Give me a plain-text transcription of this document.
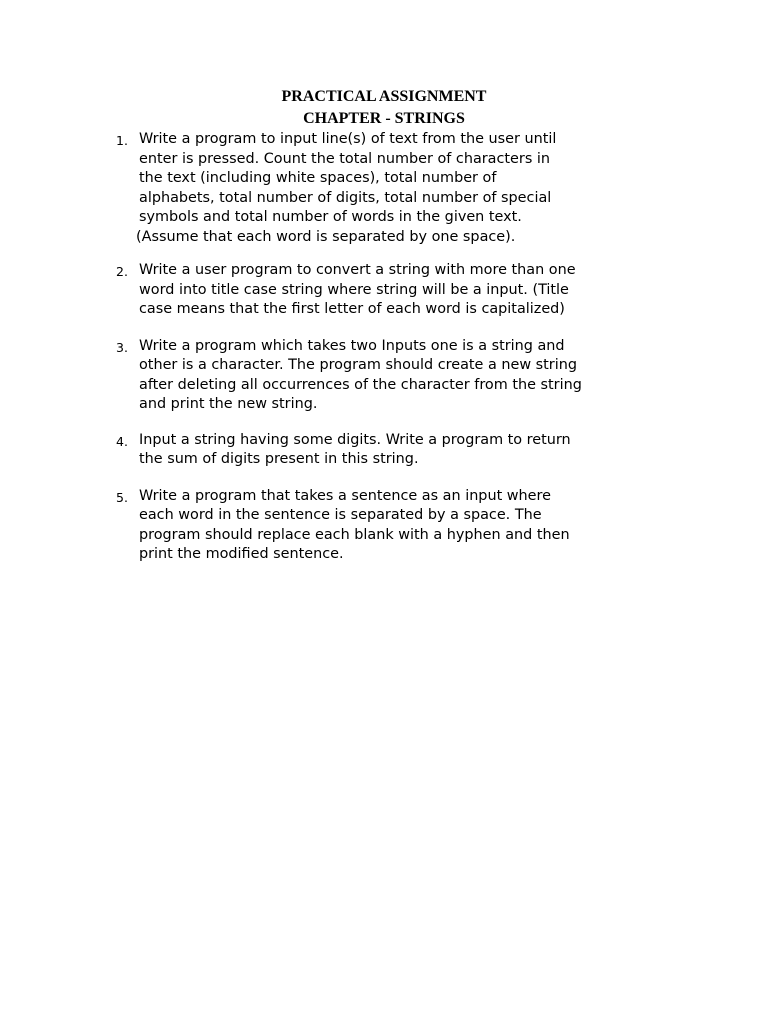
PRACTICAL ASSIGNMENT
CHAPTER - STRINGS
1. Write a program to input line(s) of text from the user until
enter is pressed. Count the total number of characters in
the text (including white spaces), total number of
alphabets, total number of digits, total number of special
symbols and total number of words in the given text.
(Assume that each word is separated by one space).
2. Write a user program to convert a string with more than one
word into title case string where string will be a input. (Title
case means that the first letter of each word is capitalized)
3. Write a program which takes two Inputs one is a string and
other is a character. The program should create a new string
after deleting all occurrences of the character from the string
and print the new string.
4. Input a string having some digits. Write a program to return
the sum of digits present in this string.
5. Write a program that takes a sentence as an input where
each word in the sentence is separated by a space. The
program should replace each blank with a hyphen and then
print the modified sentence.
